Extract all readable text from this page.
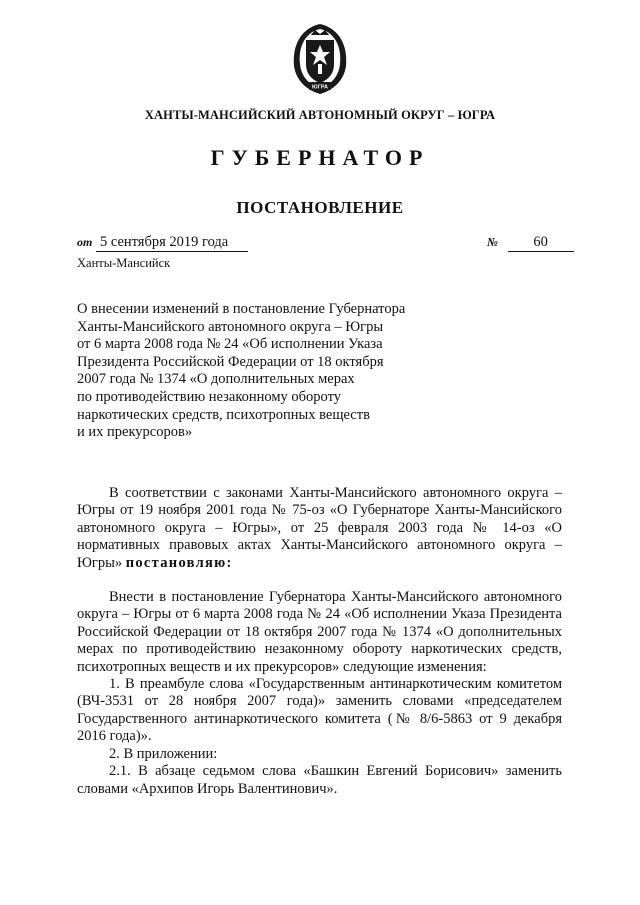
ЮГРА
ХАНТЫ-МАНСИЙСКИЙ АВТОНОМНЫЙ ОКРУГ – ЮГРА
ГУБЕРНАТОР
ПОСТАНОВЛЕНИЕ
от 5 сентября 2019 года	№ 60
Ханты-Мансийск
О внесении изменений в постановление Губернатора
Ханты-Мансийского автономного округа – Югры
от 6 марта 2008 года № 24 «Об исполнении Указа
Президента Российской Федерации от 18 октября
2007 года № 1374 «О дополнительных мерах
по противодействию незаконному обороту
наркотических средств, психотропных веществ
и их прекурсоров»

В соответствии с законами Ханты-Мансийского автономного округа – Югры от 19 ноября 2001 года № 75-оз «О Губернаторе Ханты-Мансийского автономного округа – Югры», от 25 февраля 2003 года № 14-оз «О нормативных правовых актах Ханты-Мансийского автономного округа – Югры» постановляю:

Внести в постановление Губернатора Ханты-Мансийского автономного округа – Югры от 6 марта 2008 года № 24 «Об исполнении Указа Президента Российской Федерации от 18 октября 2007 года № 1374 «О дополнительных мерах по противодействию незаконному обороту наркотических средств, психотропных веществ и их прекурсоров» следующие изменения:

1. В преамбуле слова «Государственным антинаркотическим комитетом (ВЧ-3531 от 28 ноября 2007 года)» заменить словами «председателем Государственного антинаркотического комитета (№ 8/6-5863 от 9 декабря 2016 года)».

2. В приложении:

2.1. В абзаце седьмом слова «Башкин Евгений Борисович» заменить словами «Архипов Игорь Валентинович».
